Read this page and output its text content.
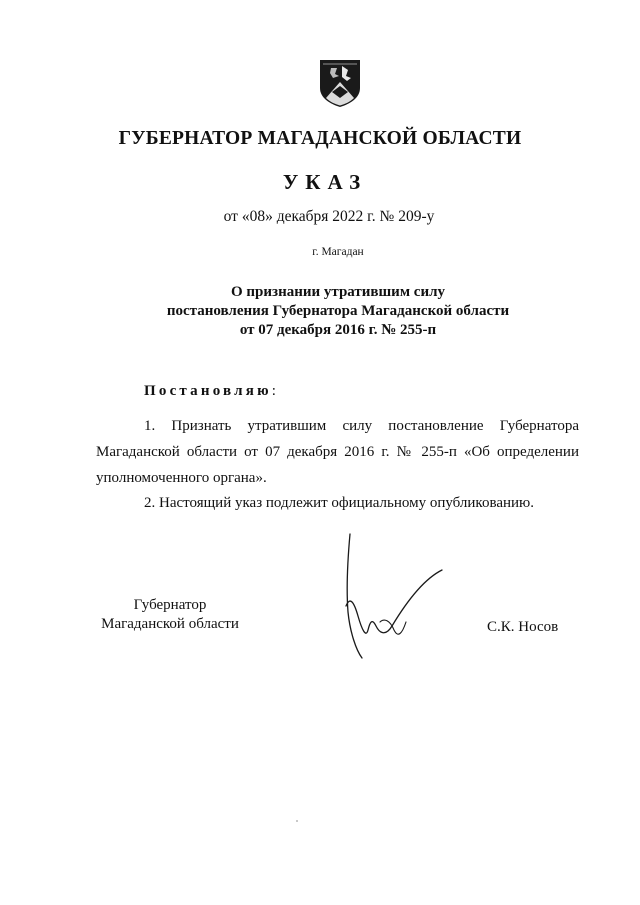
ГУБЕРНАТОР МАГАДАНСКОЙ ОБЛАСТИ
УКАЗ
от «08» декабря 2022 г. № 209-у
г. Магадан
О признании утратившим силу
постановления Губернатора Магаданской области
от 07 декабря 2016 г. № 255-п
Постановляю:
1. Признать утратившим силу постановление Губернатора Магаданской области от 07 декабря 2016 г. № 255-п «Об определении уполномоченного органа».
2. Настоящий указ подлежит официальному опубликованию.
Губернатор
Магаданской области	С.К. Носов
